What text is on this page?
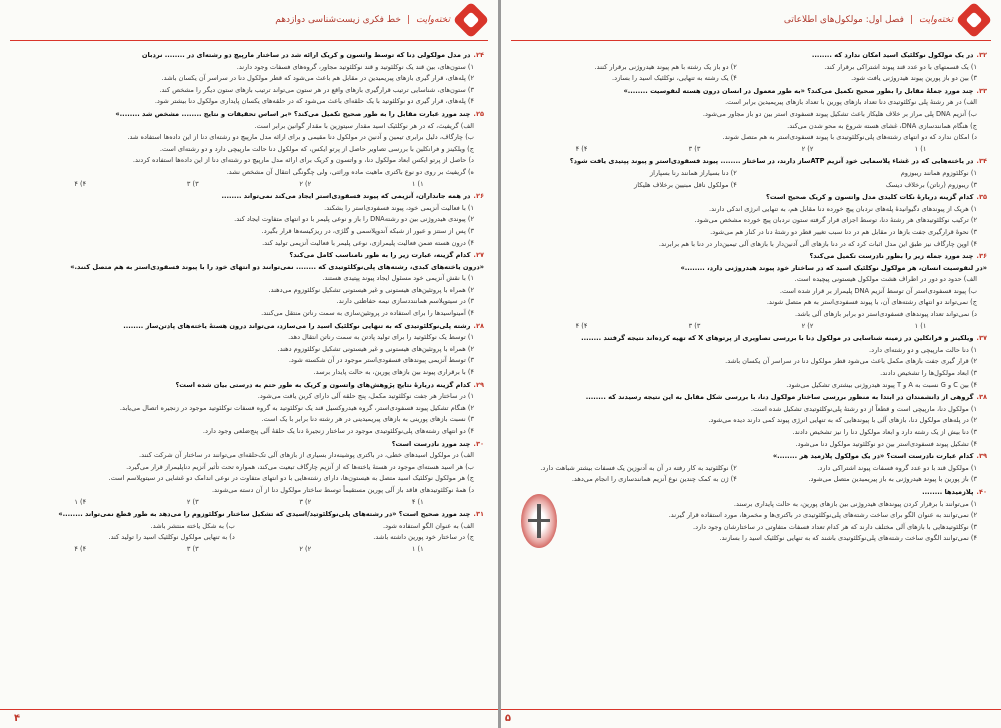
تخته‌وایت
|
خط فکری زیست‌شناسی دوازدهم
۲۴.در مدل مولکولی دنا که توسط واتسون و کریک ارائه شد در ساختار مارپیچ دو رشته‌ای در ........ نردبان
۱) ستون‌های، بین قند یک نوکلئوتید و قند نوکلئوتید مجاور، گروه‌های فسفات وجود دارند.
۲) پله‌های، قرار گیری بازهای پیریمیدین در مقابل هم باعث می‌شود که قطر مولکول دنا در سراسر آن یکسان باشد.
۳) ستون‌های، شناسایی ترتیب قرارگیری بازهای واقع در هر ستون می‌تواند ترتیب بازهای ستون دیگر را مشخص کند.
۴) پله‌های، قرار گیری دو نوکلئوتید با یک حلقه‌ای باعث می‌شود که در حلقه‌های یکسان پایداری مولکول دنا بیشتر شود.
۲۵.چند مورد عبارت مقابل را به طور صحیح تکمیل می‌کند؟ «بر اساس تحقیقات و نتایج ........ مشخص شد ........»
الف) گریفیث، که در هر نوکلئیک اسید مقدار سیتوزین با مقدار گوانین برابر است.
ب) چارگاف، دلیل برابری تیمین و آدنین در مولکول دنا مقیمی و برای ارائه مدل مارپیچ دو رشته‌ای دنا از این داده‌ها استفاده شد.
ج) ویلکینز و فرانکلین با بررسی تصاویر حاصل از پرتو ایکس، که مولکول دنا حالت مارپیچی دارد و دو رشته‌ای است.
د) حاصل از پرتو ایکس ابعاد مولکول دنا، و واتسون و کریک برای ارائه مدل مارپیچ دو رشته‌ای دنا از این داده‌ها استفاده کردند.
ه) گریفیث بر روی دو نوع باکتری ماهیت ماده وراثتی، ولی چگونگی انتقال آن مشخص نشد.
۱) ۱
۲) ۲
۳) ۳
۴) ۴
۲۶.در همه جانداران، آنزیمی که پیوند فسفودی‌استر ایجاد می‌کند نمی‌تواند ........
۱) با فعالیت آنزیمی خود، پیوند فسفودی‌استر را بشکند.
۲) پیوندی هیدروژنی بین دو رشته‌DNA را باز و نوعی پلیمر با دو انتهای متفاوت ایجاد کند.
۳) پس از سنتز و عبور از شبکه آندوپلاسمی و گلژی، در ریزکیسه‌ها قرار بگیرد.
۴) درون هسته ضمن فعالیت پلیمرازی، نوعی پلیمر با فعالیت آنزیمی تولید کند.
۲۷.کدام گزینه، عبارت زیر را به طور نامناسب کامل می‌کند؟
«درون یاخته‌های کبدی، رشته‌های پلی‌نوکلئوتیدی که ........ نمی‌توانند دو انتهای خود را با پیوند فسفودی‌استر به هم متصل کنند.»
۱) با نقش آنزیمی خود مسئول ایجاد پیوند پپتیدی هستند.
۲) همراه با پروتئین‌های هیستونی و غیر هیستونی تشکیل نوکلئوزوم می‌دهند.
۳) در سیتوپلاسم هماننددسازی نیمه حفاظتی دارند.
۴) آمینواسیدها را برای استفاده در پروتئین‌سازی به سمت رناتن منتقل می‌کنند.
۲۸.رشته پلی‌نوکلئوتیدی که به تنهایی نوکلئیک اسید را می‌سازد، می‌تواند درون هستهٔ یاخته‌های پادتن‌ساز ........
۱) توسط یک نوکلئوتید را برای تولید پادتن به سمت رناتن انتقال دهد.
۲) همراه با پروتئین‌های هیستونی و غیر هیستونی تشکیل نوکلئوزوم دهند.
۳) توسط آنزیمی پیوندهای فسفودی‌استر موجود در آن شکسته شود.
۴) با برقراری پیوند بین بازهای پورین، به حالت پایدار برسد.
۲۹.کدام گزینه دربارهٔ نتایج پژوهش‌های واتسون و کریک به طور حتم به درستی بیان شده است؟
۱) در ساختار هر جفت نوکلئوتید مکمل، پنج حلقه آلی دارای کربن یافت می‌شود.
۲) هنگام تشکیل پیوند فسفودی‌استر، گروه هیدروکسیل قند یک نوکلئوتید به گروه فسفات نوکلئوتید موجود در زنجیره اتصال می‌یابد.
۳) نسبت بازهای پورینی به بازهای پیریمیدینی در هر رشته دنا برابر با یک است.
۴) دو انتهای رشته‌های پلی‌نوکلئوتیدی موجود در ساختار زنجیرهٔ دنا یک حلقهٔ آلی پنج‌ضلعی وجود دارد.
۳۰.چند مورد نادرست است؟
الف) در مولکول اسیدهای خطی، در باکتری پوشینه‌دار بسیاری از بازهای آلی تک‌حلقه‌ای می‌توانند در ساختار آن شرکت کنند.
ب) هر اسید هسته‌ای موجود در هستهٔ یاخته‌ها که از آنزیم چارگاف تبعیت می‌کند، همواره تحت تأثیر آنزیم دناپلیمراز قرار می‌گیرد.
ج) هر مولکول نوکلئیک اسید متصل به هیستون‌ها، دارای رشته‌هایی با دو انتهای متفاوت در نوعی اندامک دو غشایی در سیتوپلاسم است.
د) همهٔ نوکلئوتیدهای فاقد باز آلی پورین مستقیماً توسط ساختار مولکول دنا از آن دسته می‌شوند.
۱) ۴
۲) ۳
۳) ۲
۴) ۱
۳۱.چند مورد صحیح است؟ «در رشته‌های پلی‌نوکلئوتید/اسیدی که تشکیل ساختار نوکلئوزوم را می‌دهد به طور قطع نمی‌تواند ........»
الف) به عنوان الگو استفاده شود.
ب) به شکل یاخته منتشر باشد.
ج) در ساختار خود پورین داشته باشد.
د) به تنهایی مولکول نوکلئیک اسید را تولید کند.
۱) ۱
۲) ۲
۳) ۳
۴) ۴
۴
تخته‌وایت
|
فصل اول: مولکول‌های اطلاعاتی
۳۲.در یک مولکول نوکلئیک اسید امکان ندارد که ........
۱) یک قسمتهای با دو عدد قند پیوند اشتراکی برقرار کند.
۲) دو باز یک رشته با هم پیوند هیدروژنی برقرار کنند.
۳) بین دو باز پورین پیوند هیدروژنی یافت شود.
۴) یک رشته به تنهایی، نوکلئیک اسید را بسازد.
۳۳.چند مورد جملهٔ مقابل را بطور صحیح تکمیل می‌کند؟ «به طور معمول در انسان درون هسته لنفوسیت ........»
الف) در هر رشتهٔ پلی نوکلئوتیدی دنا تعداد بازهای پورین با تعداد بازهای پیریمیدین برابر است.
ب) آنزیم DNA پلی مراز بر خلاف هلیکاز باعث تشکیل پیوند فسفودی استر بین دو باز مجاور می‌شود.
ج) هنگام همانندسازی DNA، غشای هسته شروع به محو شدن می‌کند.
د) امکان ندارد که دو انتهای رشته‌های پلی‌نوکلئوتیدی با پیوند فسفودی‌استر به هم متصل شوند.
۱) ۱
۲) ۲
۳) ۳
۴) ۴
۳۴.در یاخته‌هایی که در غشاء پلاسمایی خود آنزیم ATP‌ساز دارند، در ساختار ........ پیوند فسفودی‌استر و پیوند پپتیدی یافت شود؟
۱) نوکلئوزوم همانند ریبوزوم
۲) دنا بسیاراز همانند رنا بسپاراز
۳) ریبوزوم (رناتن) برخلاف دیسک
۴) مولکول ناقل مبنیین برخلاف هلیکاز
۳۵.کدام گزینه دربارهٔ نکات کلیدی مدل واتسون و کریک صحیح است؟
۱) هریک از پیوندهای دگیوانیدهٔ پله‌های نردبان پیچ خورده دنا مقابل هم، به تنهایی انرژی اندکی دارند.
۲) ترکیب نوکلئوتیدهای هر رشتهٔ دنا، توسط اجزای قرار گرفته ستون نردبان پیچ خورده مشخص می‌شود.
۳) نحوهٔ قرارگیری جفت بازها در مقابل هم در دنا سبب تغییر قطر دو رشتهٔ دنا در کنار هم می‌شود.
۴) اوپن چارگاف نیز طبق این مدل اثبات کرد که در دنا بازهای آلی آدنین‌دار با بازهای آلی تیمین‌دار در دنا با هم برابرند.
۳۶.چند مورد جمله زیر را بطور نادرست تکمیل می‌کند؟
«در لنفوسیت انسان، هر مولکول نوکلئیک اسید که در ساختار خود پیوند هیدروژنی دارد، ........»
الف) حدود دو دور در اطراف هشت مولکول هیستونی پیچیده است.
ب) پیوند فسفودی‌استر آن توسط آنزیم DNA پلیمراز بر قرار شده است.
ج) نمی‌تواند دو انتهای رشته‌های آن، با پیوند فسفودی‌استر به هم متصل شوند.
د) نمی‌تواند تعداد پیوندهای فسفودی‌استر دو برابر بازهای آلی باشد.
۱) ۱
۲) ۲
۳) ۳
۴) ۴
۳۷.ویلکینز و فرانکلین در زمینه شناسایی در مولکول دنا با بررسی تصاویری از پرتوهای X که تهیه کرده‌اند نتیجه گرفتند ........
۱) دنا حالت مارپیچی و دو رشته‌ای دارد.
۲) قرار گیری جفت بازهای مکمل باعث می‌شود قطر مولکول دنا در سراسر آن یکسان باشد.
۳) ابعاد مولکول‌ها را تشخیص دادند.
۴) بین C و G نسبت به A و T پیوند هیدروژنی بیشتری تشکیل می‌شود.
۳۸.گروهی از دانشمندان در ابتدا به منظور بررسی ساختار مولکول دنا، با بررسی شکل مقابل به این نتیجه رسیدند که ........
۱) مولکول دنا، مارپیچی است و قطعاً از دو رشتهٔ پلی‌نوکلئوتیدی تشکیل شده است.
۲) در پله‌های مولکول دنا، بازهای آلی با پیوندهایی که به تنهایی انرژی پیوند کمی دارند دیده می‌شود.
۳) دنا بیش از یک رشته دارد و ابعاد مولکول دنا را نیز تشخیص دادند.
۴) تشکیل پیوند فسفودی‌استر بین دو نوکلئوتید مولکول دنا می‌شود.
۳۹.کدام عبارت نادرست است؟ «در یک مولکول پلازمید هر ........»
۱) مولکول قند با دو عدد گروه فسفات پیوند اشتراکی دارد.
۲) نوکلئوتید به کار رفته در آن به آدنوزین یک فسفات بیشتر شباهت دارد.
۳) باز پورین با پیوند هیدروژنی به باز پیریمیدین متصل می‌شود.
۴) ژن به کمک چندین نوع آنزیم همانندسازی را انجام می‌دهد.
۴۰.پلازمیدها ........
۱) می‌توانند با برقرار کردن پیوندهای هیدروژنی بین بازهای پورین، به حالت پایداری برسند.
۲) نمی‌توانند به عنوان الگو برای ساخت رشته‌های پلی‌نوکلئوتیدی در باکتری‌ها و مخمرها، مورد استفاده قرار گیرند.
۳) نوکلئوتیدهایی با بازهای آلی مختلف دارند که هر کدام تعداد فسفات متفاوتی در ساختارشان وجود دارد.
۴) نمی‌توانند الگوی ساخت رشته‌های پلی‌نوکلئوتیدی باشند که به تنهایی نوکلئیک اسید را بسازند.
۵
